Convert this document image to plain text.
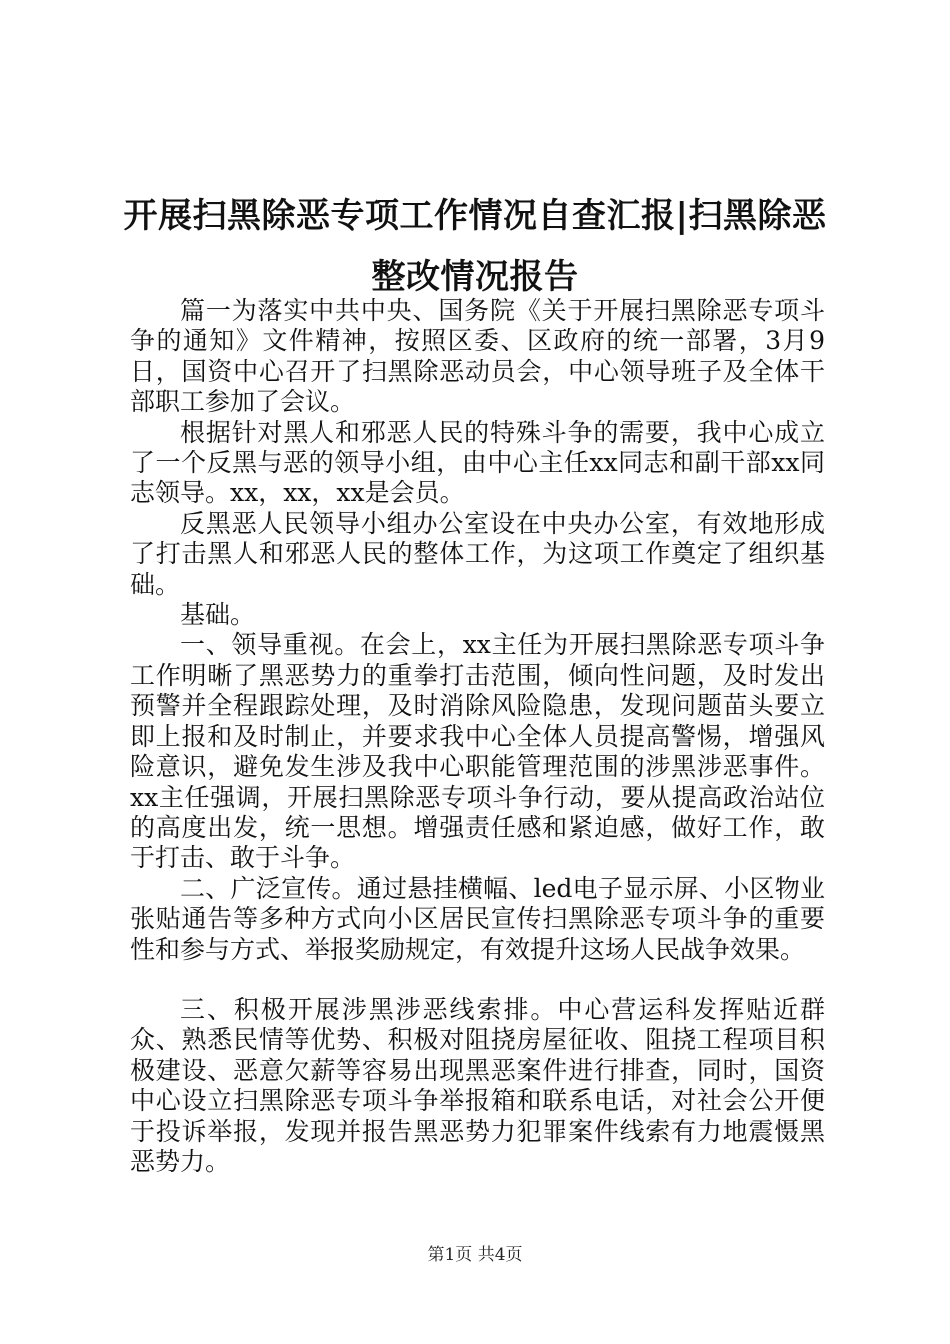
开展扫黑除恶专项工作情况自查汇报|扫黑除恶整改情况报告

篇一为落实中共中央、国务院《关于开展扫黑除恶专项斗争的通知》文件精神，按照区委、区政府的统一部署，3月9日，国资中心召开了扫黑除恶动员会，中心领导班子及全体干部职工参加了会议。

根据针对黑人和邪恶人民的特殊斗争的需要，我中心成立了一个反黑与恶的领导小组，由中心主任xx同志和副干部xx同志领导。xx，xx，xx是会员。

反黑恶人民领导小组办公室设在中央办公室，有效地形成了打击黑人和邪恶人民的整体工作，为这项工作奠定了组织基础。

基础。

一、领导重视。在会上，xx主任为开展扫黑除恶专项斗争工作明晰了黑恶势力的重拳打击范围，倾向性问题，及时发出预警并全程跟踪处理，及时消除风险隐患，发现问题苗头要立即上报和及时制止，并要求我中心全体人员提高警惕，增强风险意识，避免发生涉及我中心职能管理范围的涉黑涉恶事件。xx主任强调，开展扫黑除恶专项斗争行动，要从提高政治站位的高度出发，统一思想。增强责任感和紧迫感，做好工作，敢于打击、敢于斗争。

二、广泛宣传。通过悬挂横幅、led电子显示屏、小区物业张贴通告等多种方式向小区居民宣传扫黑除恶专项斗争的重要性和参与方式、举报奖励规定，有效提升这场人民战争效果。

三、积极开展涉黑涉恶线索排。中心营运科发挥贴近群众、熟悉民情等优势、积极对阻挠房屋征收、阻挠工程项目积极建设、恶意欠薪等容易出现黑恶案件进行排查，同时，国资中心设立扫黑除恶专项斗争举报箱和联系电话，对社会公开便于投诉举报，发现并报告黑恶势力犯罪案件线索有力地震慑黑恶势力。

第1页 共4页
